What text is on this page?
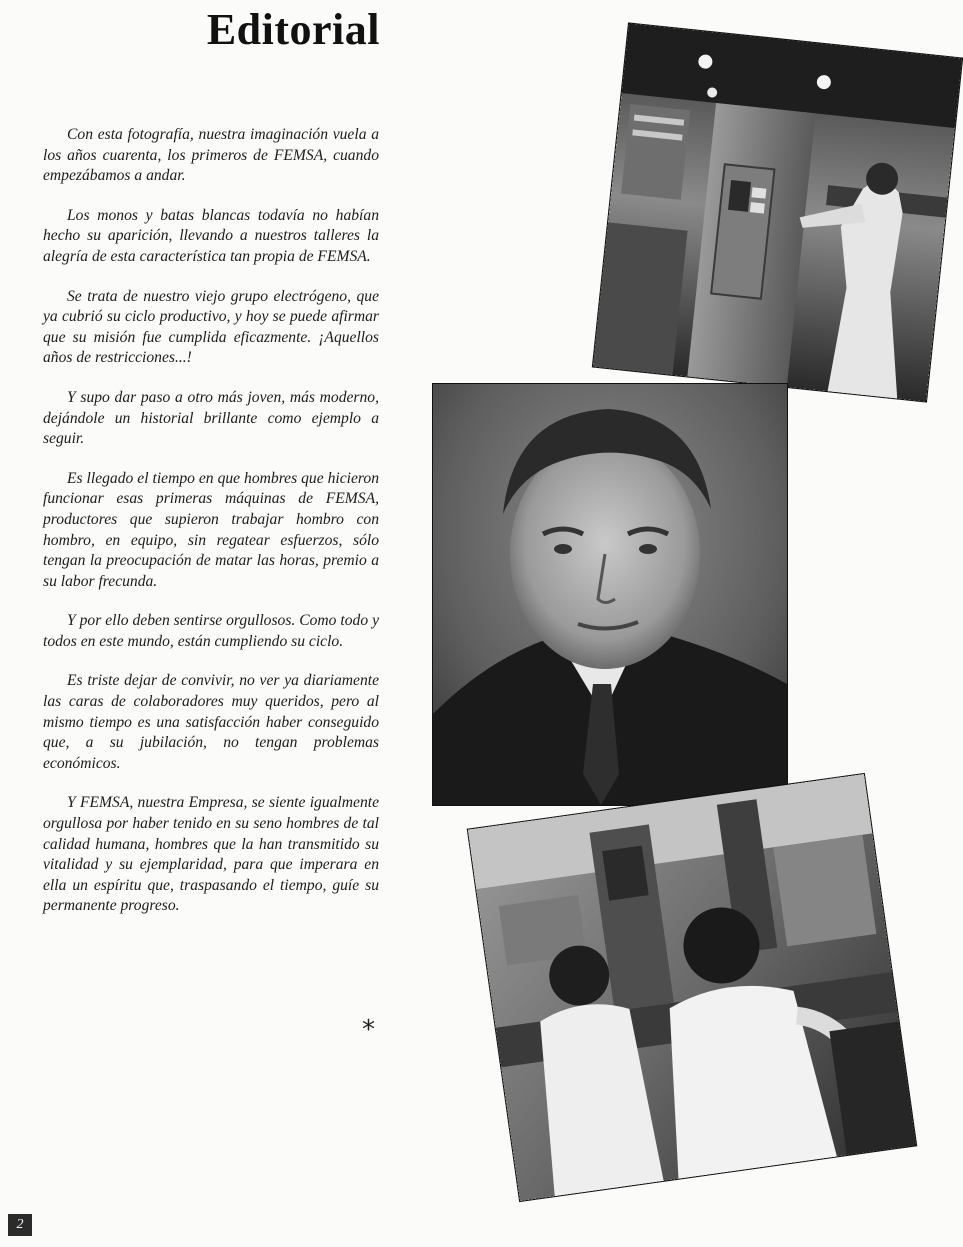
Editorial

Con esta fotografía, nuestra imaginación vuela a los años cuarenta, los primeros de FEMSA, cuando empezábamos a andar.

Los monos y batas blancas todavía no habían hecho su aparición, llevando a nuestros talleres la alegría de esta característica tan propia de FEMSA.

Se trata de nuestro viejo grupo electrógeno, que ya cubrió su ciclo productivo, y hoy se puede afirmar que su misión fue cumplida eficazmente. ¡Aquellos años de restricciones...!

Y supo dar paso a otro más joven, más moderno, dejándole un historial brillante como ejemplo a seguir.

Es llegado el tiempo en que hombres que hicieron funcionar esas primeras máquinas de FEMSA, productores que supieron trabajar hombro con hombro, en equipo, sin regatear esfuerzos, sólo tengan la preocupación de matar las horas, premio a su labor frecunda.

Y por ello deben sentirse orgullosos. Como todo y todos en este mundo, están cumpliendo su ciclo.

Es triste dejar de convivir, no ver ya diariamente las caras de colaboradores muy queridos, pero al mismo tiempo es una satisfacción haber conseguido que, a su jubilación, no tengan problemas económicos.

Y FEMSA, nuestra Empresa, se siente igualmente orgullosa por haber tenido en su seno hombres de tal calidad humana, hombres que la han transmitido su vitalidad y su ejemplaridad, para que imperara en ella un espíritu que, traspasando el tiempo, guíe su permanente progreso.

*
2
